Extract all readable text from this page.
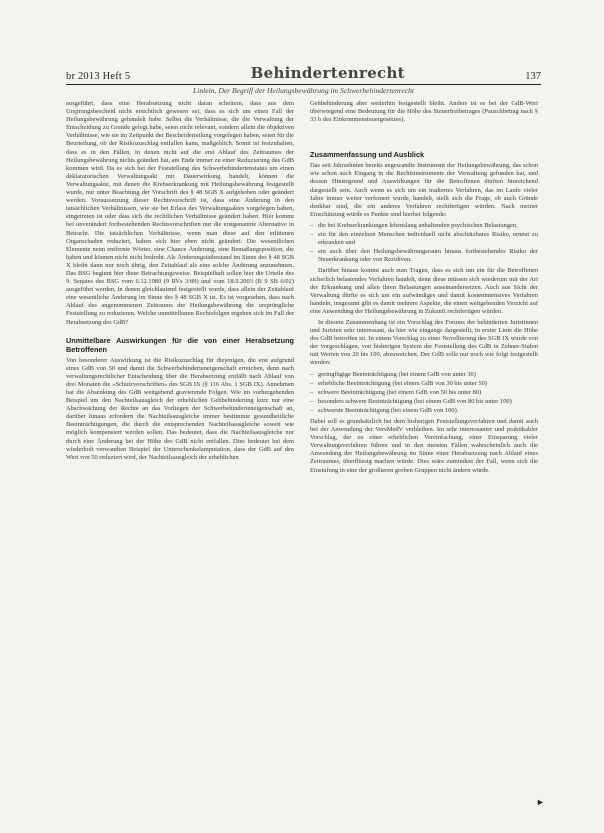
br 2013 Heft 5	Behindertenrecht	137
Linlein, Der Begriff der Heilungsbewährung im Schwerbehindertenrecht

ausgeführt, dass eine Herabsetzung nicht daran scheitern, dass aus dem Ursprungsbescheid nicht ersichtlich gewesen sei, dass es sich um einen Fall der Heilungsbewährung gehandelt habe. Selbst die Verhältnisse, die die Verwaltung der Entscheidung zu Grunde gelegt habe, seien nicht relevant, sondern allein die objektiven Verhältnisse, wie sie im Zeitpunkt der Bescheiderteilung vorgelegen haben, seien für die Beurteilung, ob der Risikozuschlag entfallen kann, maßgeblich. Somit ist festzuhalten, dass es in den Fällen, in denen nicht auf die erst Ablauf des Zeitraumes der Heilungsbewährung nichts geändert hat, am Ende immer zu einer Reduzierung des GdB kommen wird. Da es sich bei der Feststellung des Schwerbehindertenstatus um einen deklaratorischen Verwaltungsakt mit Dauerwirkung handelt, können die Verwaltungsakte, mit denen die Krebserkrankung mit Heilungsbewährung festgestellt wurde, nur unter Beachtung der Vorschrift des § 48 SGB X aufgehoben oder geändert werden. Voraussetzung dieser Rechtsvorschrift ist, dass eine Änderung in den tatsächlichen Verhältnissen, wie sie bei Erlass des Verwaltungsaktes vorgelegen haben, eingetreten ist oder dass sich die rechtlichen Verhältnisse geändert haben. Hier kommt bei unverändert fortbestehenden Rechtsvorschriften nur die erstgenannte Alternative in Betracht. Die tatsächlichen Verhältnisse, wenn man diese auf den erlittenen Organschaden reduziert, haben sich hier eben nicht geändert. Die wesentlichen Elemente nenn entfernte Wörter, eine Chance Änderung, eine Bemaßungsposition, die haben und können nicht nicht bedroht. Als Änderungstatbestand im Sinne des § 48 SGB X bleibt dann nur noch übrig, den Zeitablauf als eine solche Änderung anzunehmen. Das BSG beginnt hier diese Betrachtungsweise. Beispielhaft sollen hier die Urteile des 9. Senates des BSG vom 6.12.1989 (9 RVs 3/89) und vom 18.9.2003 (B 9 SB 6/02) ausgeführt werden, in denen gleichlautend festgestellt wurde, dass allein der Zeitablauf eine wesentliche Änderung im Sinne des § 48 SGB X ist. Es ist vorgesehen, dass nach Ablauf des angenommenen Zeitraums der Heilungsbewährung die ursprüngliche Feststellung zu reduzieren. Welche unmittelbaren Rechtsfolgen ergeben sich im Fall der Herabsetzung des GdB?

Unmittelbare Auswirkungen für die von einer Herabsetzung Betroffenen

Von besonderer Auswirkung ist die Risikozuschlag für diejenigen, die erst aufgrund eines GdB von 50 und damit die Schwerbehinderteneigenschaft erreichen, denn nach verwaltungsrechtlicher Entscheidung über die Herabsetzung entfällt nach Ablauf von drei Monaten die »Schutzvorschriften« des SGB IX (§ 116 Abs. 1 SGB IX). Annehmen hat die Absenkung des GdB weitgehend gravierende Folgen. Wie im vorhergehenden Beispiel um den Nachteilsausgleich der erheblichen Gehbehinderung kurz nur eine Abschwächung der Rechte an das Vorliegen der Schwerbehinderteneigenschaft an, darüber hinaus erfordern die Nachteilsausgleiche immer bestimmte gesundheitliche Beeinträchtigungen, die durch die entsprechenden Nachteilsausgleiche soweit wie möglich kompensiert werden sollen. Das bedeutet, dass die Nachteilsausgleiche nur durch eine Änderung bei der Höhe des GdB nicht entfallen. Dies bedeutet bei dem wiederholt verwandten Beispiel der Unterschenkelamputation, dass der GdB auf den Wert von 50 reduziert wird, der Nachteilsausgleich der erheblichen

Gehbehinderung aber weiterhin festgestellt bleibt. Anders ist es bei der GdB-Wert überwiegend eine Bedeutung für die Höhe des Steuerfreibetrages (Pauschbetrag nach § 33 b des Einkommensteuergesetzes).

Zusammenfassung und Ausblick

Das seit Jahrzehnten bereits angewandte Instrument der Heilungsbewährung, das schon wie schon auch Eingang in die Rechtsinstrumente der Verwaltung gefunden hat, und dessen Hintergrund und Auswirkungen für die Betroffenen dürften hinreichend dargestellt sein. Auch wenn es sich um ein tradiertes Verfahren, das im Laufe vieler Jahre immer weiter verfeinert wurde, handelt, stellt sich die Frage, ob auch Gründe denkbar sind, die ein anderes Verfahren rechtfertigen würden. Nach meiner Einschätzung würde es Punkte sind hierbei folgende:

– die bei Krebserkrankungen lebenslang anhaltenden psychischen Belastungen,
– ein für den einzelnen Menschen individuell nicht abschätzbares Risiko, erneut zu erkranken und
– ein auch über den Heilungsbewährungsraum hinaus fortbestehendes Risiko der Neuerkrankung oder von Rezidiven.

Darüber hinaus kommt auch zum Tragen, dass es sich um ein für die Betroffenen sicherlich belastendes Verfahren handelt, denn diese müssen sich wiederum mit der Art der Erkrankung und allen ihren Belastungen auseinandersetzen. Auch aus Sicht der Verwaltung dürfte es sich um ein aufwändiges und damit kostenintensives Verfahren handeln, insgesamt gibt es damit mehrere Aspekte, die einen weitgehenden Verzicht auf eine Anwendung der Heilungsbewährung in Zukunft rechtfertigen würden.

In diesem Zusammenhang ist ein Vorschlag des Forums der behinderten Juristinnen und Juristen sehr interessant, da hier wie eingangs dargestellt, in erster Linie die Höhe des GdB betroffen ist. In einem Vorschlag zu einer Novellierung des SGB IX wurde von der vorgeschlagen, von bisherigen System der Feststellung des GdB in Zehner-Stufen mit Werten von 20 bis 100, abzuweichen. Der GdB solle nur noch wie folgt festgestellt werden:

– geringfügige Beeinträchtigung (bei einem GdB von unter 30)
– erhebliche Beeinträchtigung (bei einem GdB von 30 bis unter 50)
– schwere Beeinträchtigung (bei einem GdB von 50 bis unter 80)
– besonders schwere Beeinträchtigung (bei einem GdB von 80 bis unter 100)
– schwerste Beeinträchtigung (bei einem GdB von 100).

Dabei soll es grundsätzlich bei dem bisherigen Feststellungsverfahren und damit auch bei der Anwendung der VersMedV verbleiben. Im sehr interessanter und praktikabler Vorschlag, der zu einer erheblichen Vereinfachung, einer Einsparung vieler Verwaltungsverfahren führen und in den meisten Fällen wahrscheinlich auch die Anwendung der Heilungsbewährung im Sinne einer Herabsetzung nach Ablauf eines Zeitraumes, überflüssig machen würde. Dies wäre zumindest der Fall, wenn sich die Einstufung in eine der großteren groben Gruppen nicht ändern würde.

►
